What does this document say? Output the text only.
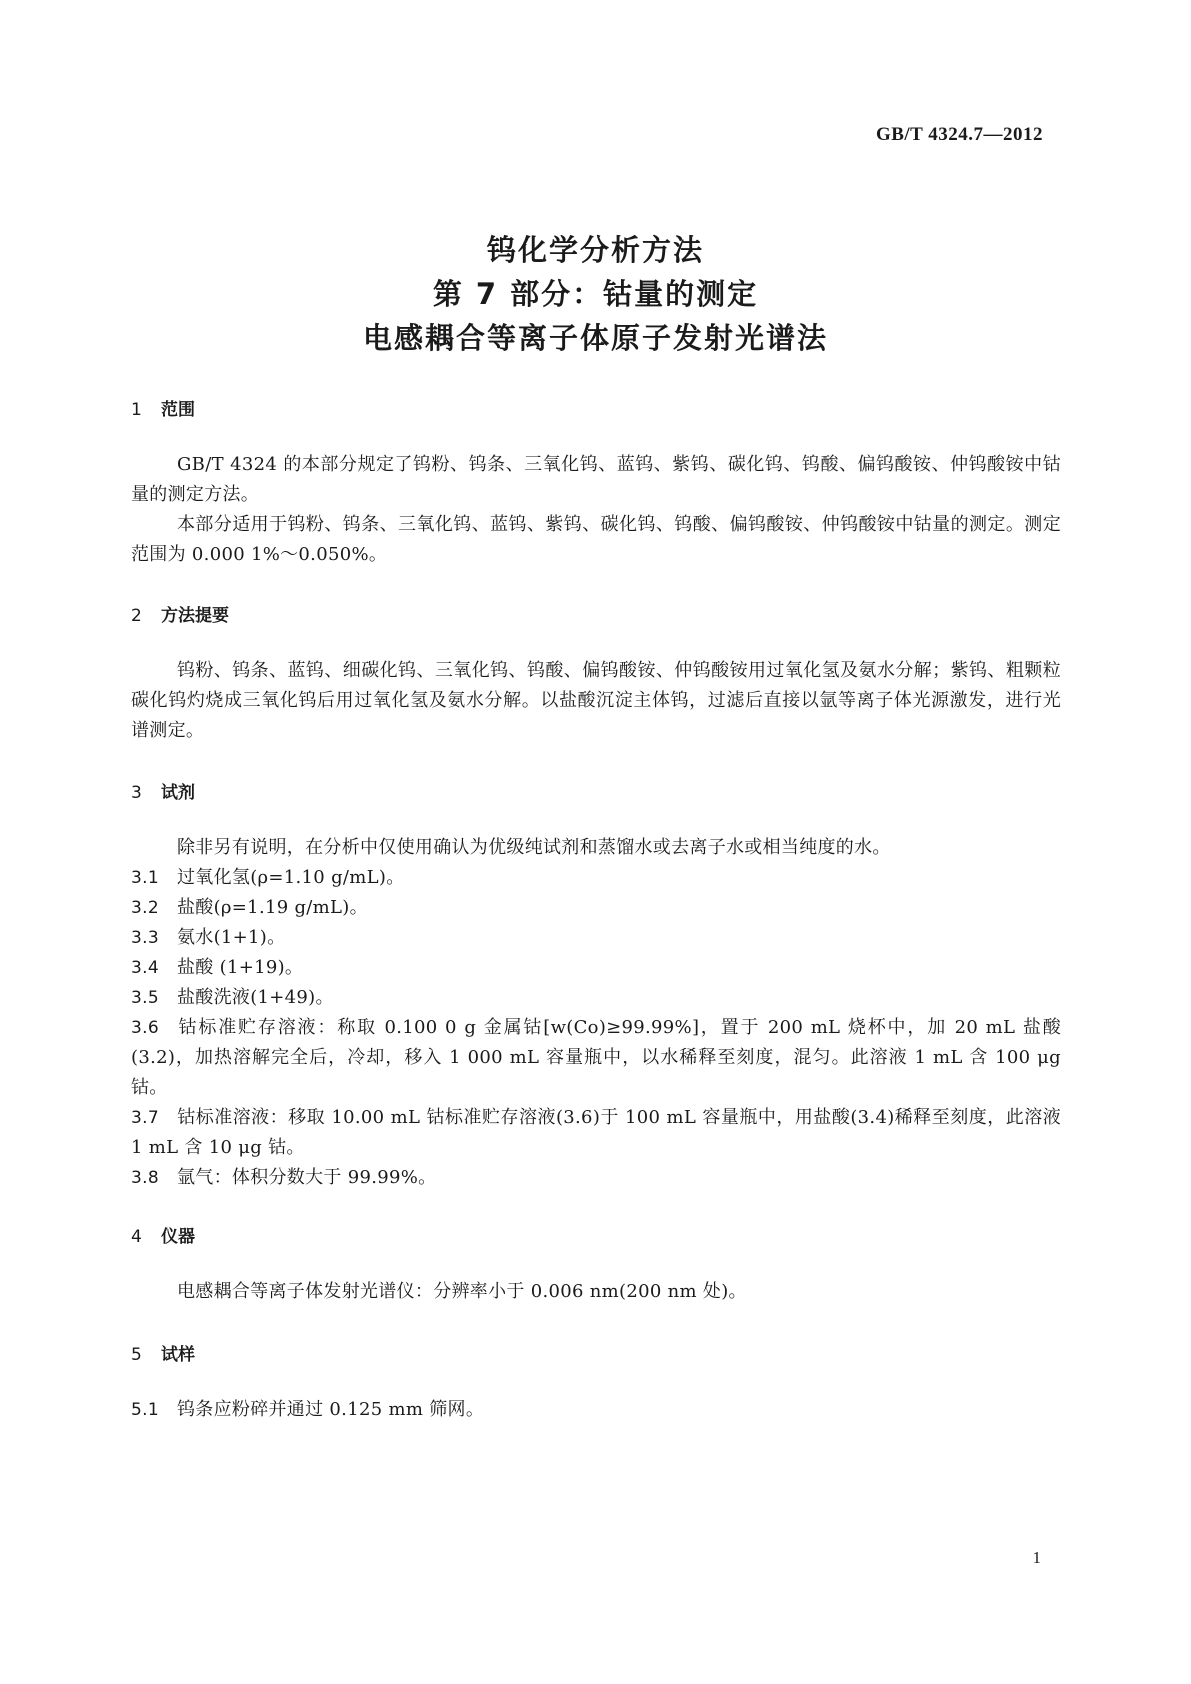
GB/T 4324.7—2012
钨化学分析方法
第 7 部分：钴量的测定
电感耦合等离子体原子发射光谱法
1 范围
GB/T 4324 的本部分规定了钨粉、钨条、三氧化钨、蓝钨、紫钨、碳化钨、钨酸、偏钨酸铵、仲钨酸铵中钴量的测定方法。
本部分适用于钨粉、钨条、三氧化钨、蓝钨、紫钨、碳化钨、钨酸、偏钨酸铵、仲钨酸铵中钴量的测定。测定范围为 0.000 1%～0.050%。
2 方法提要
钨粉、钨条、蓝钨、细碳化钨、三氧化钨、钨酸、偏钨酸铵、仲钨酸铵用过氧化氢及氨水分解；紫钨、粗颗粒碳化钨灼烧成三氧化钨后用过氧化氢及氨水分解。以盐酸沉淀主体钨，过滤后直接以氩等离子体光源激发，进行光谱测定。
3 试剂
除非另有说明，在分析中仅使用确认为优级纯试剂和蒸馏水或去离子水或相当纯度的水。
3.1 过氧化氢(ρ=1.10 g/mL)。
3.2 盐酸(ρ=1.19 g/mL)。
3.3 氨水(1+1)。
3.4 盐酸 (1+19)。
3.5 盐酸洗液(1+49)。
3.6 钴标准贮存溶液：称取 0.100 0 g 金属钴[w(Co)≥99.99%]，置于 200 mL 烧杯中，加 20 mL 盐酸(3.2)，加热溶解完全后，冷却，移入 1 000 mL 容量瓶中，以水稀释至刻度，混匀。此溶液 1 mL 含 100 μg 钴。
3.7 钴标准溶液：移取 10.00 mL 钴标准贮存溶液(3.6)于 100 mL 容量瓶中，用盐酸(3.4)稀释至刻度，此溶液 1 mL 含 10 μg 钴。
3.8 氩气：体积分数大于 99.99%。
4 仪器
电感耦合等离子体发射光谱仪：分辨率小于 0.006 nm(200 nm 处)。
5 试样
5.1 钨条应粉碎并通过 0.125 mm 筛网。
1
